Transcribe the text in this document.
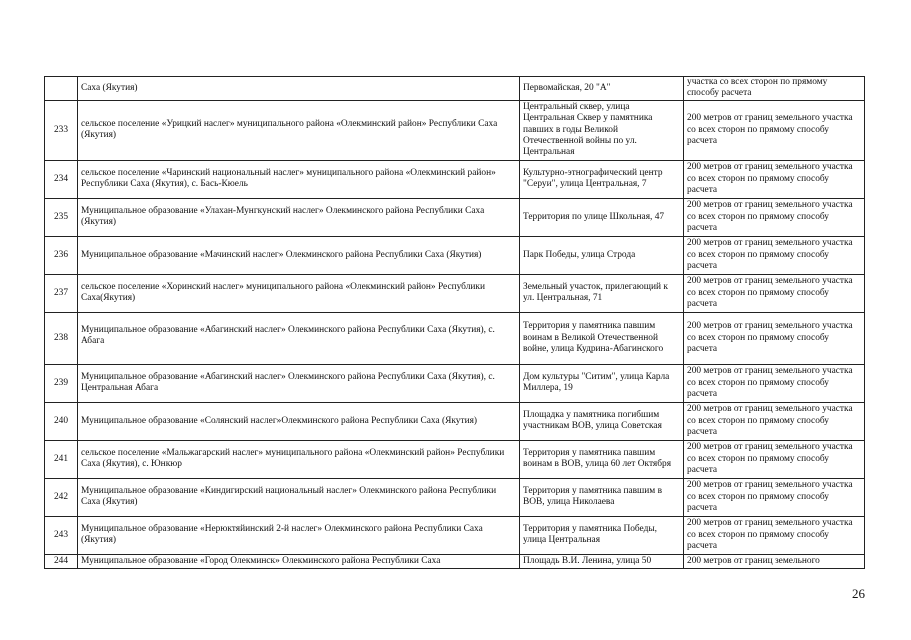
	Саха (Якутия)	Первомайская, 20 "А"	участка со всех сторон по прямому способу расчета
233	сельское поселение «Урицкий наслег» муниципального района «Олекминский район» Республики Саха (Якутия)	Центральный сквер, улица Центральная Сквер у памятника павших в годы Великой Отечественной войны по ул. Центральная	200 метров от границ земельного участка со всех сторон по прямому способу расчета
234	сельское поселение «Чаринский национальный наслег» муниципального района «Олекминский район» Республики Саха (Якутия), с. Бась-Кюель	Культурно-этнографический центр "Серуи", улица Центральная, 7	200 метров от границ земельного участка со всех сторон по прямому способу расчета
235	Муниципальное образование «Улахан-Мунгкунский наслег» Олекминского района Республики Саха (Якутия)	Территория по улице Школьная, 47	200 метров от границ земельного участка со всех сторон по прямому способу расчета
236	Муниципальное образование «Мачинский наслег» Олекминского района Республики Саха (Якутия)	Парк Победы, улица Строда	200 метров от границ земельного участка со всех сторон по прямому способу расчета
237	сельское поселение «Хоринский наслег» муниципального района «Олекминский район» Республики Саха(Якутия)	Земельный участок, прилегающий к ул. Центральная, 71	200 метров от границ земельного участка со всех сторон по прямому способу расчета
238	Муниципальное образование «Абагинский наслег» Олекминского района Республики Саха (Якутия), с. Абага	Территория у памятника павшим воинам в Великой Отечественной войне, улица Кудрина-Абагинского	200 метров от границ земельного участка со всех сторон по прямому способу расчета
239	Муниципальное образование «Абагинский наслег» Олекминского района Республики Саха (Якутия), с. Центральная Абага	Дом культуры "Ситим", улица Карла Миллера, 19	200 метров от границ земельного участка со всех сторон по прямому способу расчета
240	Муниципальное образование «Солянский наслег»Олекминского района Республики Саха (Якутия)	Площадка у памятника погибшим участникам ВОВ, улица Советская	200 метров от границ земельного участка со всех сторон по прямому способу расчета
241	сельское поселение «Мальжагарский наслег» муниципального района «Олекминский район» Республики Саха (Якутия), с. Юнкюр	Территория у памятника павшим воинам в ВОВ, улица 60 лет Октября	200 метров от границ земельного участка со всех сторон по прямому способу расчета
242	Муниципальное образование «Киндигирский национальный наслег» Олекминского района Республики Саха (Якутия)	Территория у памятника павшим в ВОВ, улица Николаева	200 метров от границ земельного участка со всех сторон по прямому способу расчета
243	Муниципальное образование «Нерюктяйинский 2-й наслег» Олекминского района Республики Саха (Якутия)	Территория у памятника Победы, улица Центральная	200 метров от границ земельного участка со всех сторон по прямому способу расчета
244	Муниципальное образование «Город Олекминск» Олекминского района Республики Саха	Площадь В.И. Ленина, улица 50	200 метров от границ земельного
26
